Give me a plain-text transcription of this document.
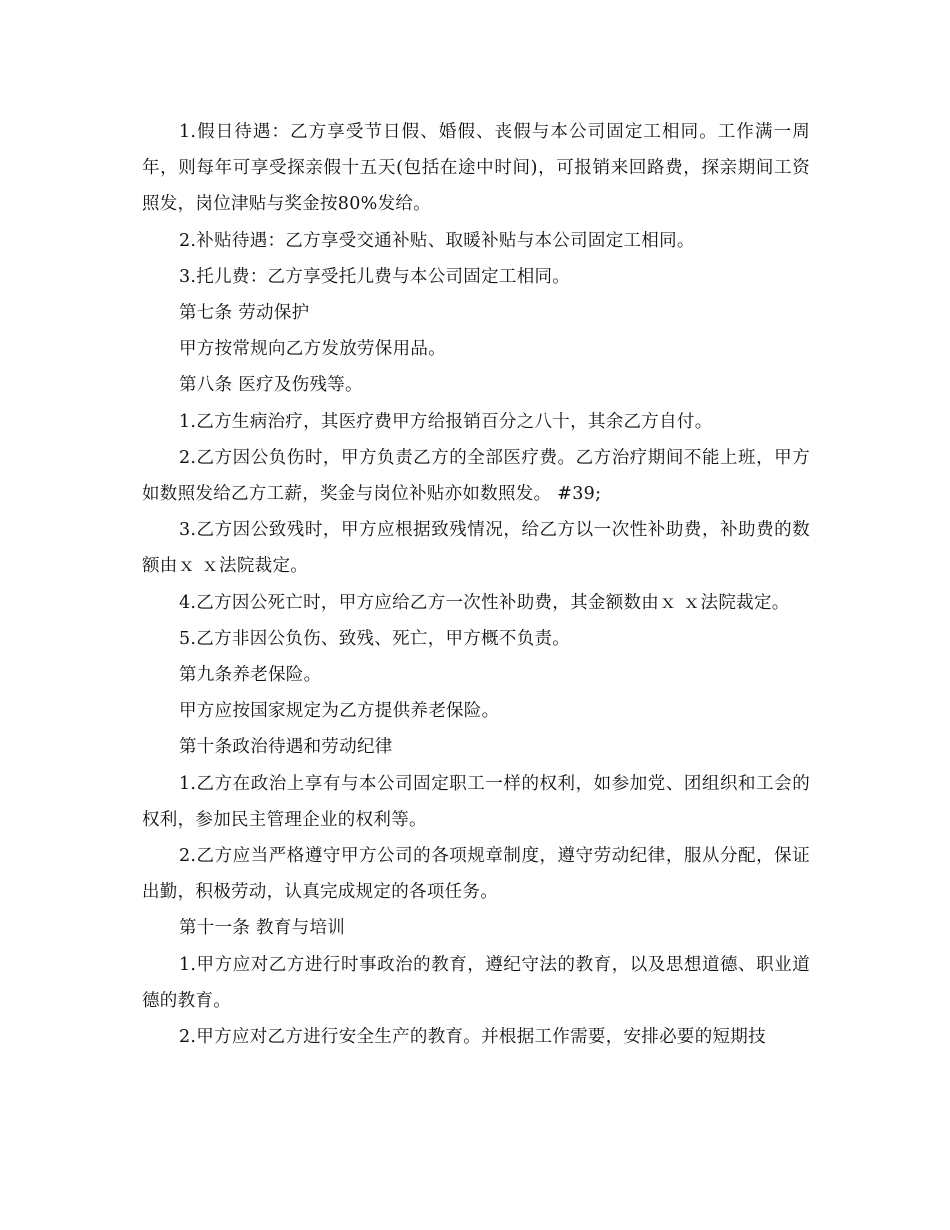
1.假日待遇：乙方享受节日假、婚假、丧假与本公司固定工相同。工作满一周年，则每年可享受探亲假十五天(包括在途中时间)，可报销来回路费，探亲期间工资照发，岗位津贴与奖金按80%发给。

2.补贴待遇：乙方享受交通补贴、取暖补贴与本公司固定工相同。

3.托儿费：乙方享受托儿费与本公司固定工相同。

第七条 劳动保护

甲方按常规向乙方发放劳保用品。

第八条 医疗及伤残等。

1.乙方生病治疗，其医疗费甲方给报销百分之八十，其余乙方自付。

2.乙方因公负伤时，甲方负责乙方的全部医疗费。乙方治疗期间不能上班，甲方如数照发给乙方工薪，奖金与岗位补贴亦如数照发。 #39;

3.乙方因公致残时，甲方应根据致残情况，给乙方以一次性补助费，补助费的数额由ｘ ｘ法院裁定。

4.乙方因公死亡时，甲方应给乙方一次性补助费，其金额数由ｘ ｘ法院裁定。

5.乙方非因公负伤、致残、死亡，甲方概不负责。

第九条养老保险。

甲方应按国家规定为乙方提供养老保险。

第十条政治待遇和劳动纪律

1.乙方在政治上享有与本公司固定职工一样的权利，如参加党、团组织和工会的权利，参加民主管理企业的权利等。

2.乙方应当严格遵守甲方公司的各项规章制度，遵守劳动纪律，服从分配，保证出勤，积极劳动，认真完成规定的各项任务。

第十一条 教育与培训

1.甲方应对乙方进行时事政治的教育，遵纪守法的教育，以及思想道德、职业道德的教育。

2.甲方应对乙方进行安全生产的教育。并根据工作需要，安排必要的短期技
